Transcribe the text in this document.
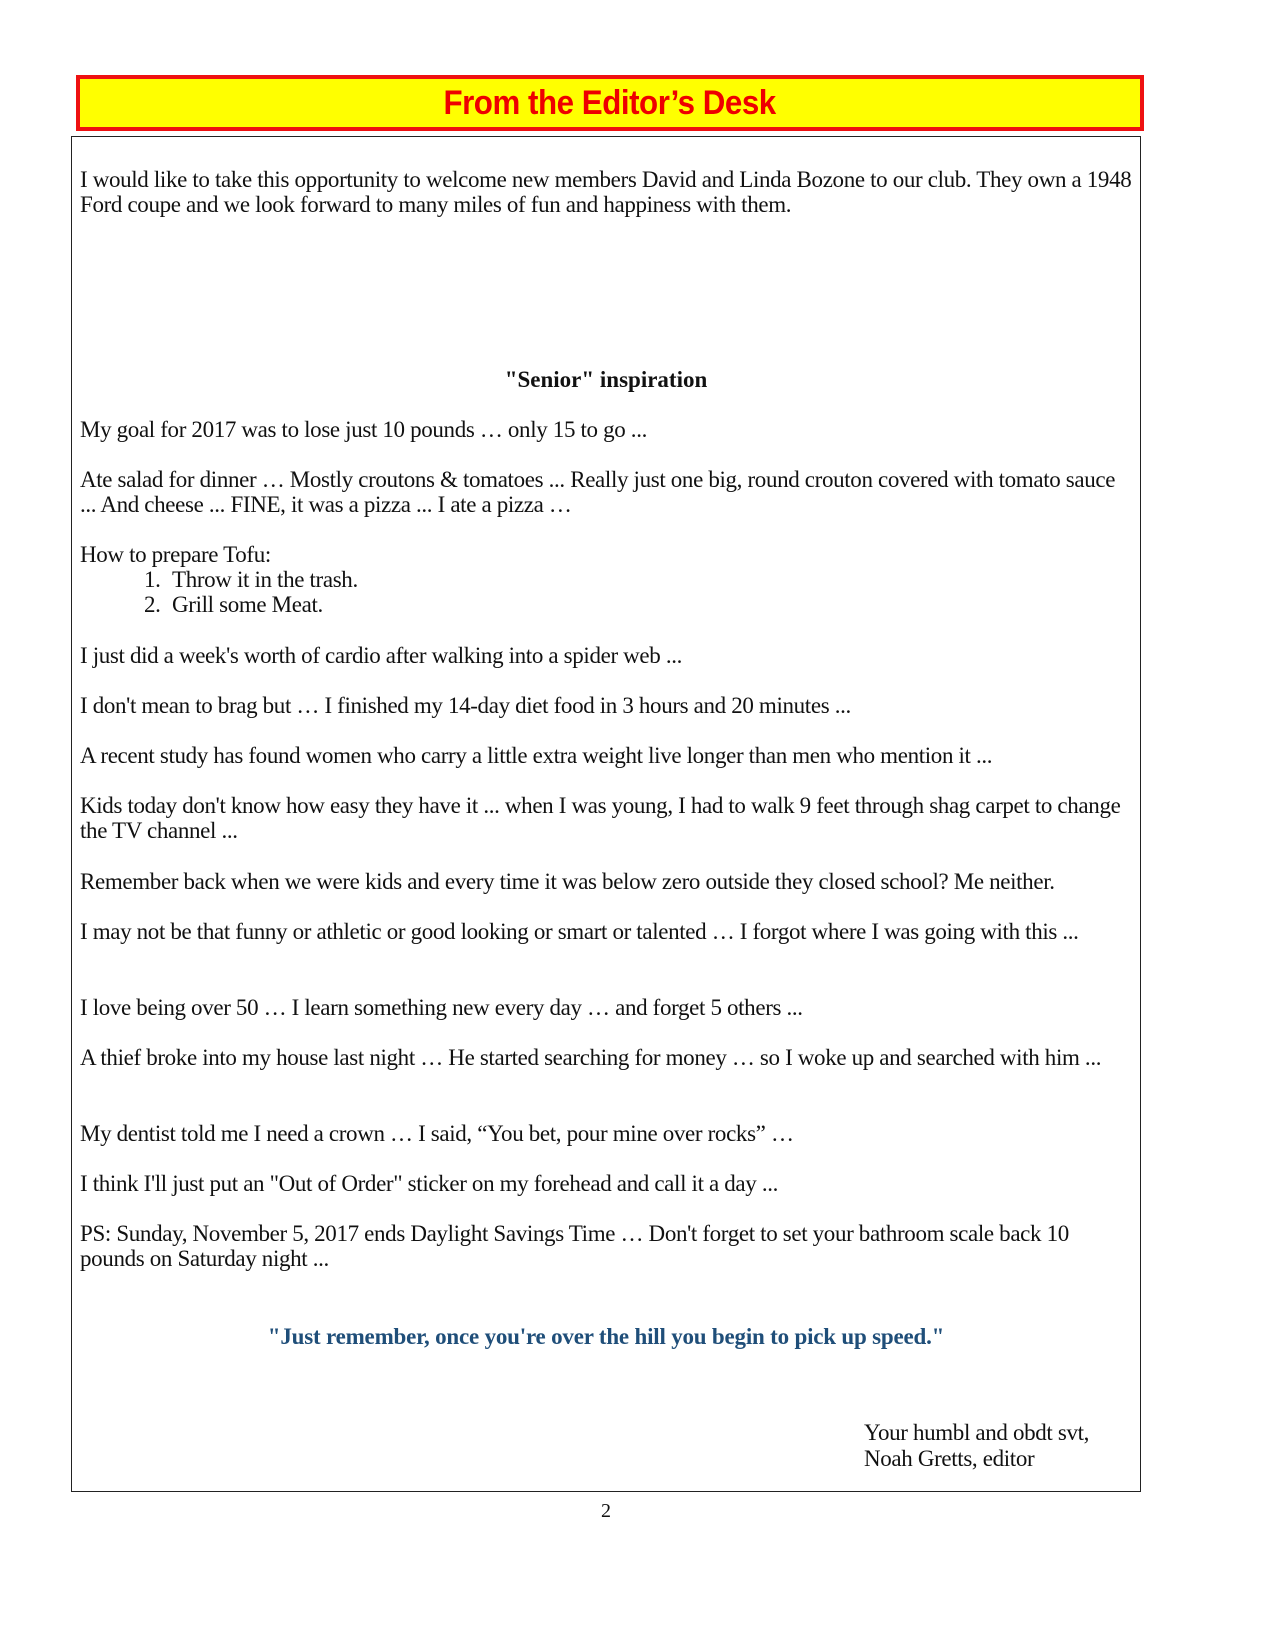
From the Editor’s Desk

I would like to take this opportunity to welcome new members David and Linda Bozone to our club. They own a 1948 Ford coupe and we look forward to many miles of fun and happiness with them.

"Senior" inspiration

My goal for 2017 was to lose just 10 pounds … only 15 to go ...

Ate salad for dinner … Mostly croutons & tomatoes ... Really just one big, round crouton covered with tomato sauce ... And cheese ... FINE, it was a pizza ... I ate a pizza …

How to prepare Tofu:

1. Throw it in the trash.
2. Grill some Meat.

I just did a week's worth of cardio after walking into a spider web ...

I don't mean to brag but … I finished my 14-day diet food in 3 hours and 20 minutes ...

A recent study has found women who carry a little extra weight live longer than men who mention it ...

Kids today don't know how easy they have it ... when I was young, I had to walk 9 feet through shag carpet to change the TV channel ...

Remember back when we were kids and every time it was below zero outside they closed school? Me neither.

I may not be that funny or athletic or good looking or smart or talented … I forgot where I was going with this ...

I love being over 50 … I learn something new every day … and forget 5 others ...

A thief broke into my house last night … He started searching for money … so I woke up and searched with him ...

My dentist told me I need a crown … I said, “You bet, pour mine over rocks” …

I think I'll just put an "Out of Order" sticker on my forehead and call it a day ...

PS: Sunday, November 5, 2017 ends Daylight Savings Time … Don't forget to set your bathroom scale back 10 pounds on Saturday night ...

"Just remember, once you're over the hill you begin to pick up speed."

Your humbl and obdt svt,
Noah Gretts, editor
2
